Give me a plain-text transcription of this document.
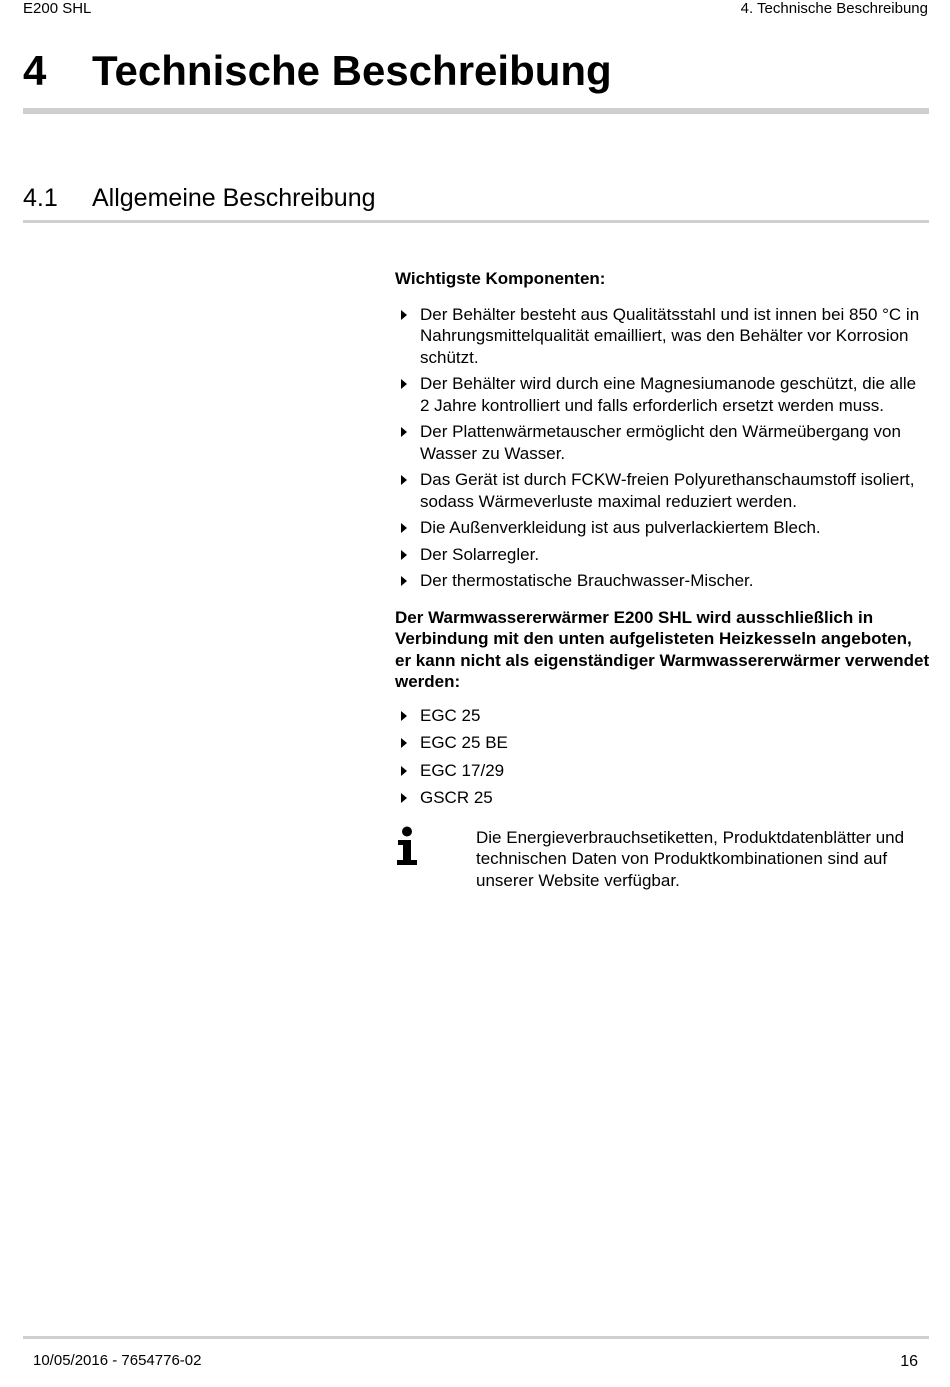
E200 SHL	4. Technische Beschreibung
4 Technische Beschreibung
4.1 Allgemeine Beschreibung
Wichtigste Komponenten:
Der Behälter besteht aus Qualitätsstahl und ist innen bei 850 °C in Nahrungsmittelqualität emailliert, was den Behälter vor Korrosion schützt.
Der Behälter wird durch eine Magnesiumanode geschützt, die alle 2 Jahre kontrolliert und falls erforderlich ersetzt werden muss.
Der Plattenwärmetauscher ermöglicht den Wärmeübergang von Wasser zu Wasser.
Das Gerät ist durch FCKW-freien Polyurethanschaumstoff isoliert, sodass Wärmeverluste maximal reduziert werden.
Die Außenverkleidung ist aus pulverlackiertem Blech.
Der Solarregler.
Der thermostatische Brauchwasser-Mischer.
Der Warmwassererwärmer E200 SHL wird ausschließlich in Verbindung mit den unten aufgelisteten Heizkesseln angeboten, er kann nicht als eigenständiger Warmwassererwärmer verwendet werden:
EGC 25
EGC 25 BE
EGC 17/29
GSCR 25
Die Energieverbrauchsetiketten, Produktdatenblätter und technischen Daten von Produktkombinationen sind auf unserer Website verfügbar.
10/05/2016 - 7654776-02	16
